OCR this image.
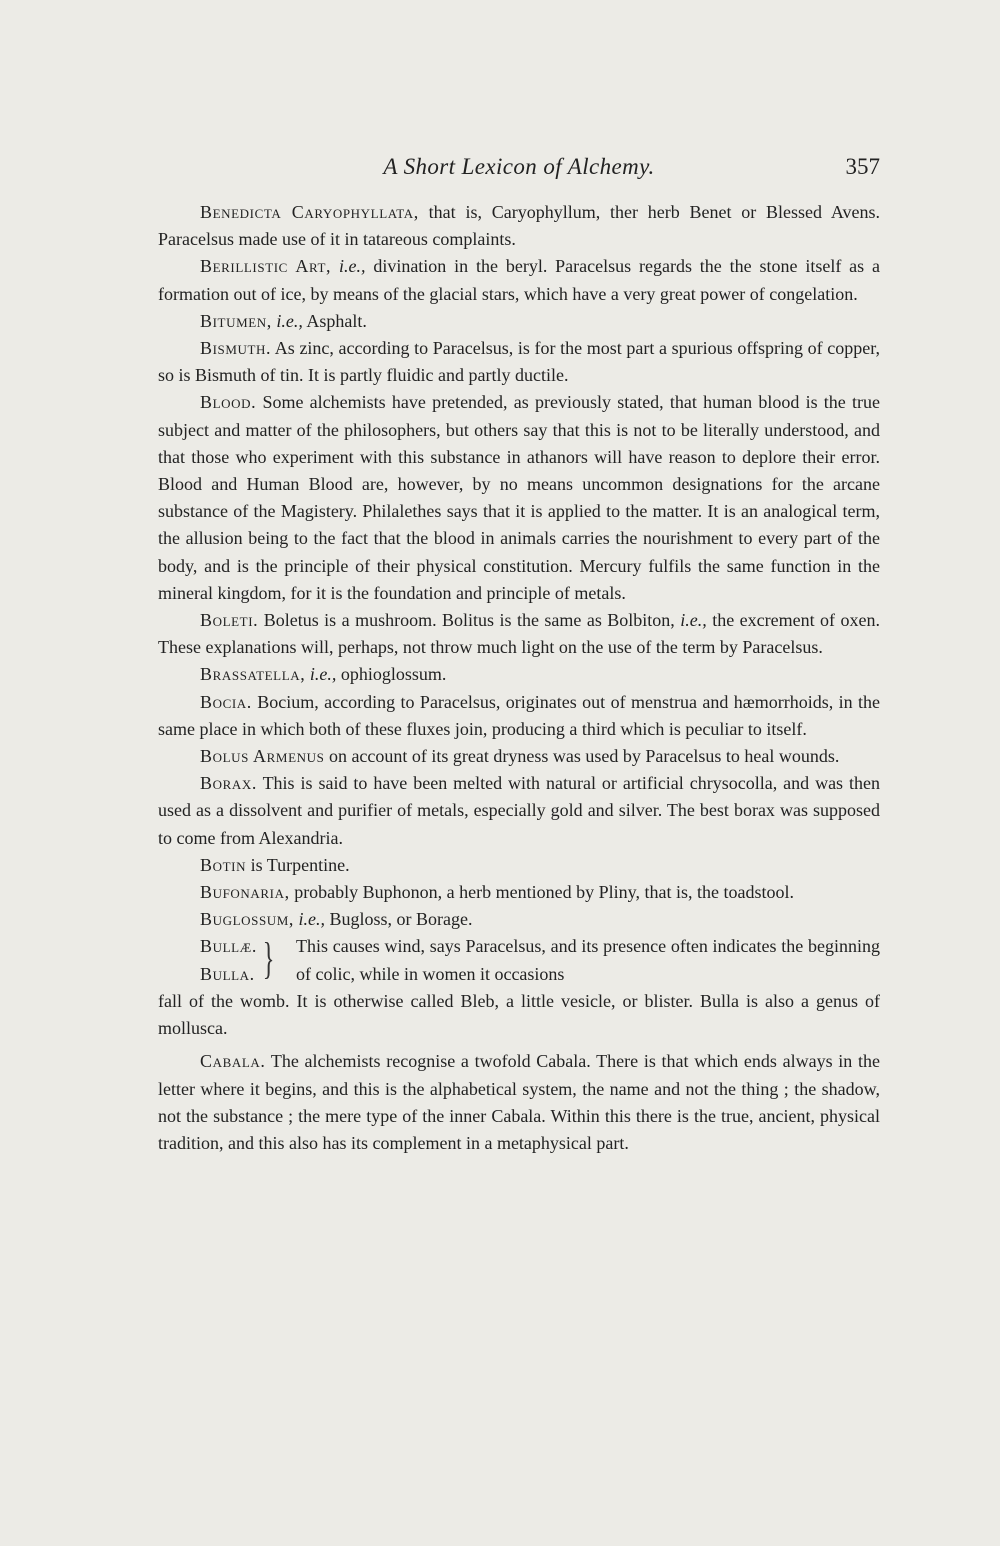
A Short Lexicon of Alchemy.	357

Benedicta Caryophyllata, that is, Caryophyllum, ther herb Benet or Blessed Avens. Paracelsus made use of it in tatareous complaints.

Berillistic Art, i.e., divination in the beryl. Paracelsus regards the the stone itself as a formation out of ice, by means of the glacial stars, which have a very great power of congelation.

Bitumen, i.e., Asphalt.

Bismuth. As zinc, according to Paracelsus, is for the most part a spurious offspring of copper, so is Bismuth of tin. It is partly fluidic and partly ductile.

Blood. Some alchemists have pretended, as previously stated, that human blood is the true subject and matter of the philosophers, but others say that this is not to be literally understood, and that those who experiment with this substance in athanors will have reason to deplore their error. Blood and Human Blood are, however, by no means uncommon designations for the arcane substance of the Magistery. Philalethes says that it is applied to the matter. It is an analogical term, the allusion being to the fact that the blood in animals carries the nourishment to every part of the body, and is the principle of their physical constitution. Mercury fulfils the same function in the mineral kingdom, for it is the foundation and principle of metals.

Boleti. Boletus is a mushroom. Bolitus is the same as Bolbiton, i.e., the excrement of oxen. These explanations will, perhaps, not throw much light on the use of the term by Paracelsus.

Brassatella, i.e., ophioglossum.

Bocia. Bocium, according to Paracelsus, originates out of menstrua and hæmorrhoids, in the same place in which both of these fluxes join, producing a third which is peculiar to itself.

Bolus Armenus on account of its great dryness was used by Paracelsus to heal wounds.

Borax. This is said to have been melted with natural or artificial chrysocolla, and was then used as a dissolvent and purifier of metals, especially gold and silver. The best borax was supposed to come from Alexandria.

Botin is Turpentine.

Bufonaria, probably Buphonon, a herb mentioned by Pliny, that is, the toadstool.

Buglossum, i.e., Bugloss, or Borage.

Bullæ.
Bulla. } This causes wind, says Paracelsus, and its presence often indicates the beginning of colic, while in women it occasions

fall of the womb. It is otherwise called Bleb, a little vesicle, or blister. Bulla is also a genus of mollusca.

Cabala. The alchemists recognise a twofold Cabala. There is that which ends always in the letter where it begins, and this is the alphabetical system, the name and not the thing ; the shadow, not the substance ; the mere type of the inner Cabala. Within this there is the true, ancient, physical tradition, and this also has its complement in a metaphysical part.
